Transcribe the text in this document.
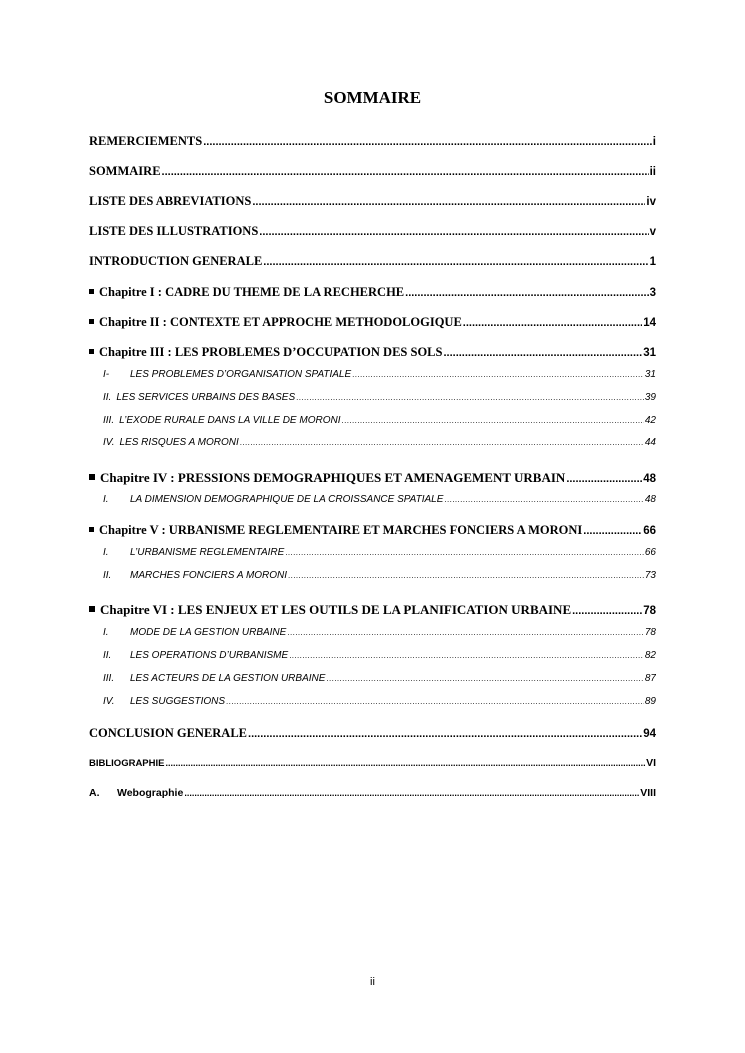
SOMMAIRE
REMERCIEMENTS .....	i
SOMMAIRE .....	ii
LISTE DES ABREVIATIONS .....	iv
LISTE DES ILLUSTRATIONS .....	v
INTRODUCTION GENERALE .....	1
Chapitre I : CADRE DU THEME DE LA RECHERCHE .....	3
Chapitre II : CONTEXTE ET APPROCHE METHODOLOGIQUE .....	14
Chapitre III : LES PROBLEMES D’OCCUPATION DES SOLS .....	31
I- LES PROBLEMES D’ORGANISATION SPATIALE .....	31
II. LES SERVICES URBAINS DES BASES .....	39
III. L’EXODE RURALE DANS LA VILLE DE MORONI .....	42
IV. LES RISQUES A MORONI .....	44
Chapitre IV : PRESSIONS DEMOGRAPHIQUES ET AMENAGEMENT URBAIN .....	48
I. LA DIMENSION DEMOGRAPHIQUE DE LA CROISSANCE SPATIALE .....	48
Chapitre V : URBANISME REGLEMENTAIRE ET MARCHES FONCIERS A MORONI .....	66
I. L’URBANISME REGLEMENTAIRE .....	66
II. MARCHES FONCIERS A MORONI .....	73
Chapitre VI : LES ENJEUX ET LES OUTILS DE LA PLANIFICATION URBAINE .....	78
I. MODE DE LA GESTION URBAINE .....	78
II. LES OPERATIONS D’URBANISME .....	82
III. LES ACTEURS DE LA GESTION URBAINE .....	87
IV. LES SUGGESTIONS .....	89
CONCLUSION GENERALE .....	94
BIBLIOGRAPHIE .....	VI
A. Webographie .....	VIII
ii
